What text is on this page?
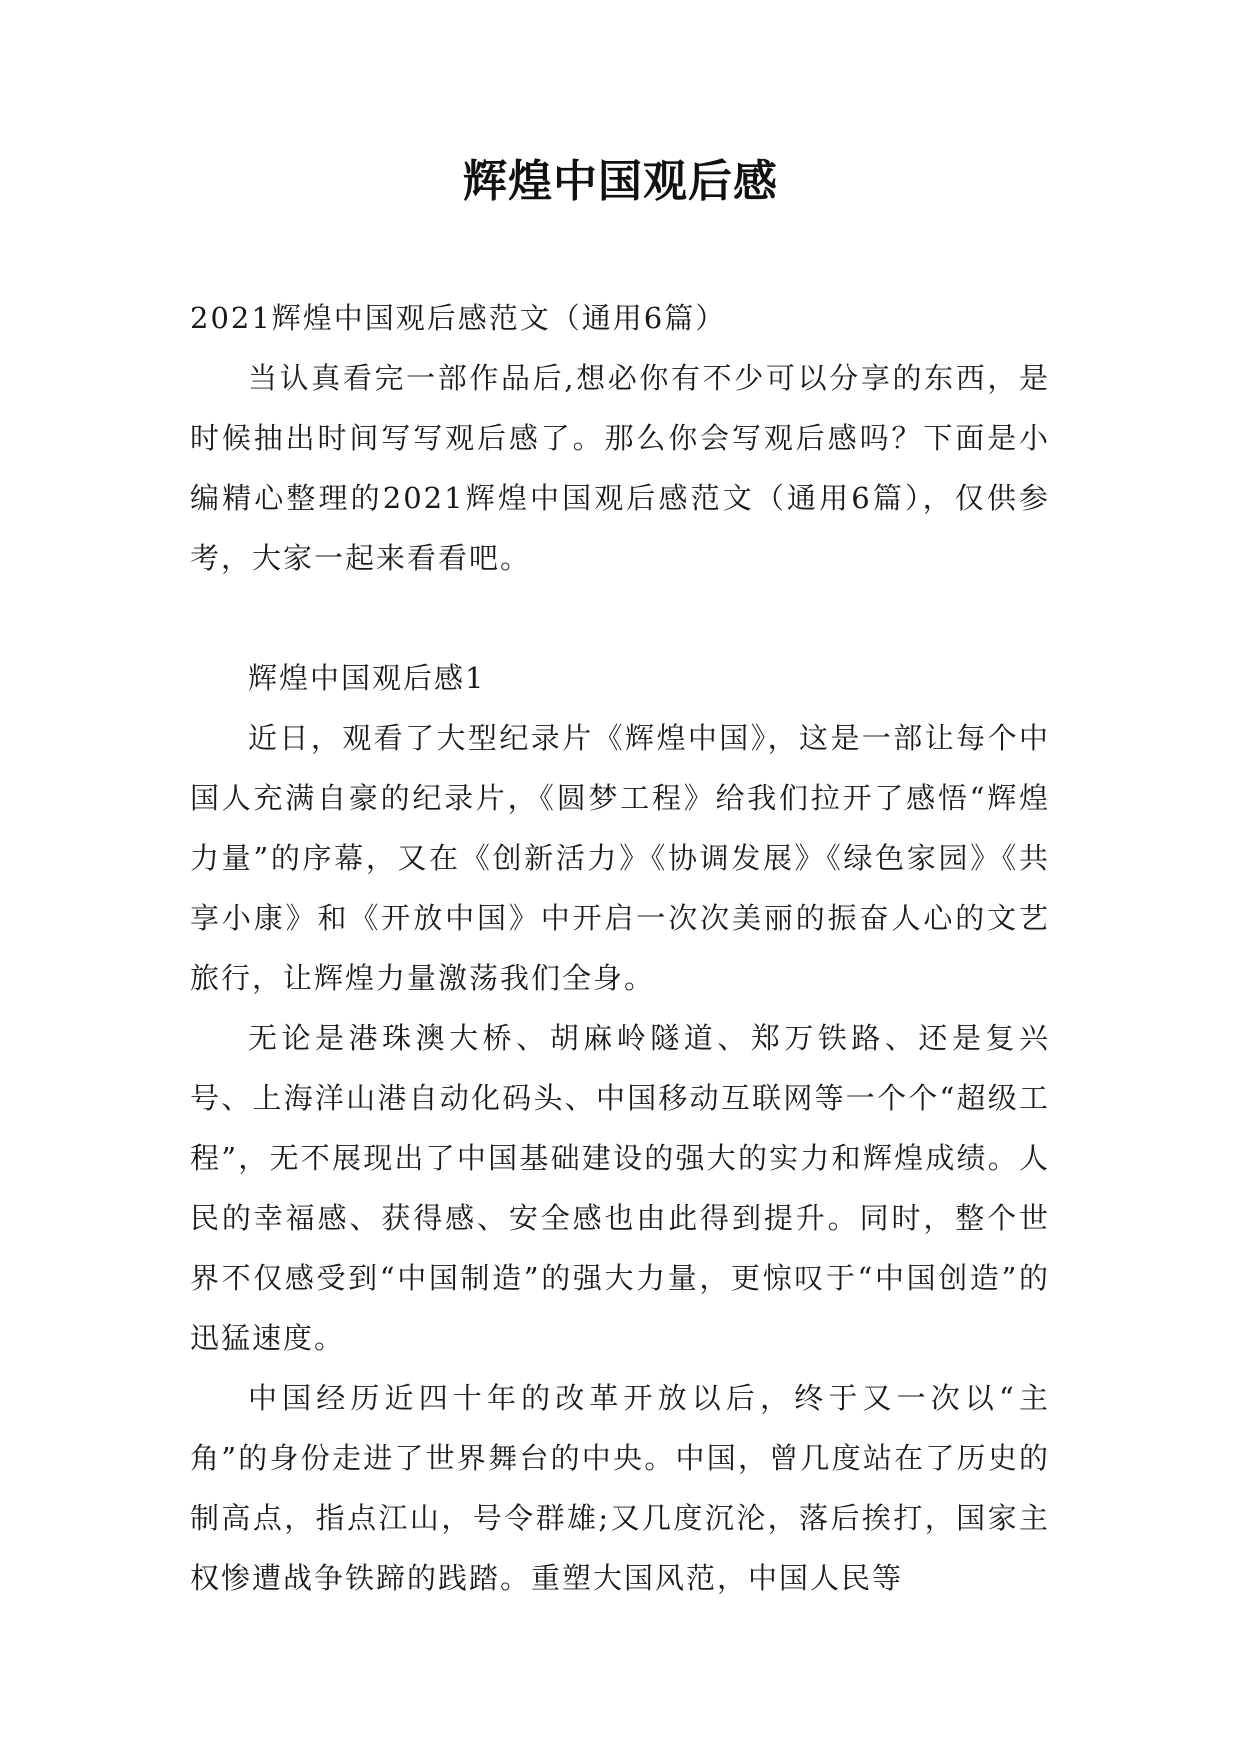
辉煌中国观后感

2021辉煌中国观后感范文（通用6篇）

当认真看完一部作品后,想必你有不少可以分享的东西，是时候抽出时间写写观后感了。那么你会写观后感吗？下面是小编精心整理的2021辉煌中国观后感范文（通用6篇），仅供参考，大家一起来看看吧。

辉煌中国观后感1

近日，观看了大型纪录片《辉煌中国》，这是一部让每个中国人充满自豪的纪录片，《圆梦工程》给我们拉开了感悟“辉煌力量”的序幕，又在《创新活力》《协调发展》《绿色家园》《共享小康》和《开放中国》中开启一次次美丽的振奋人心的文艺旅行，让辉煌力量激荡我们全身。

无论是港珠澳大桥、胡麻岭隧道、郑万铁路、还是复兴号、上海洋山港自动化码头、中国移动互联网等一个个“超级工程”，无不展现出了中国基础建设的强大的实力和辉煌成绩。人民的幸福感、获得感、安全感也由此得到提升。同时，整个世界不仅感受到“中国制造”的强大力量，更惊叹于“中国创造”的迅猛速度。

中国经历近四十年的改革开放以后，终于又一次以“主角”的身份走进了世界舞台的中央。中国，曾几度站在了历史的制高点，指点江山，号令群雄;又几度沉沦，落后挨打，国家主权惨遭战争铁蹄的践踏。重塑大国风范，中国人民等
